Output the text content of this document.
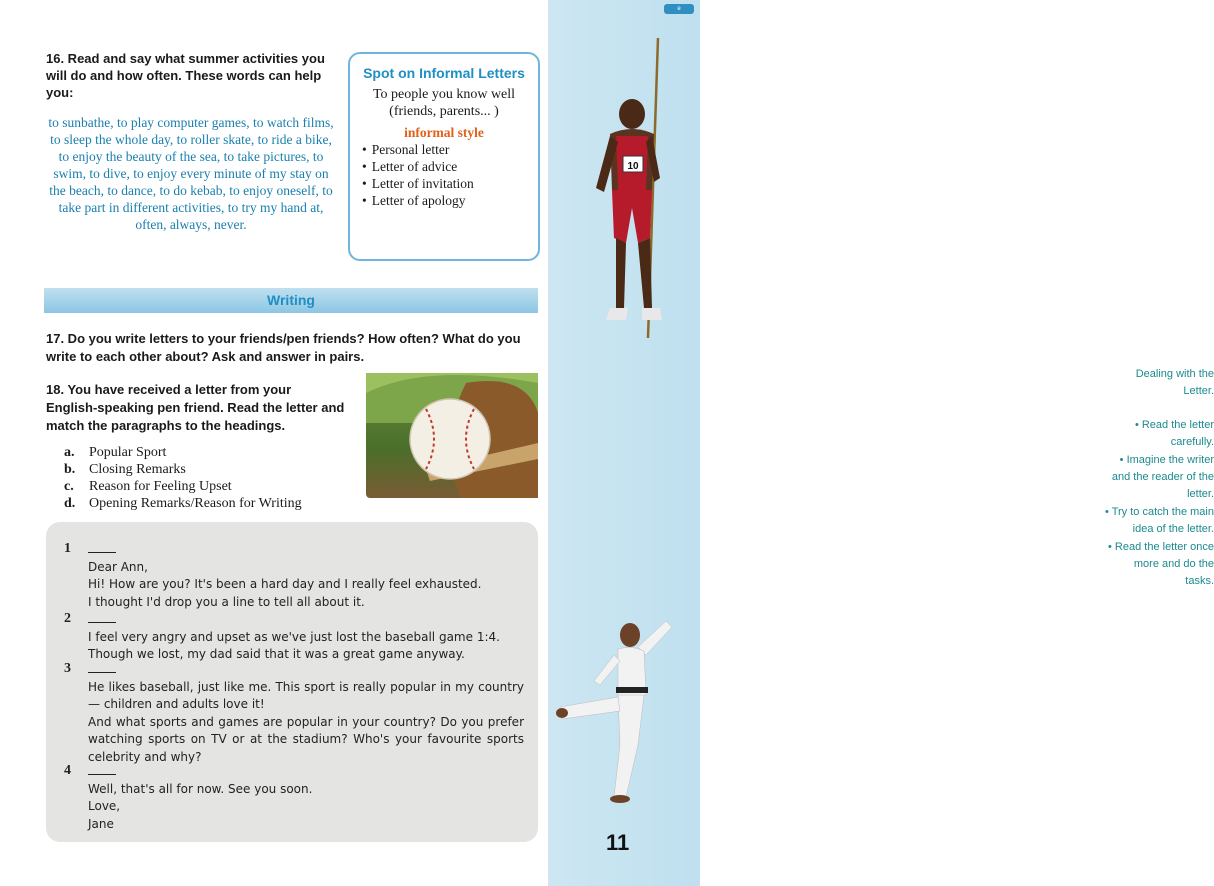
e
10
Dealing with the Letter.
• Read the letter carefully.
• Imagine the writer and the reader of the letter.
• Try to catch the main idea of the letter.
• Read the letter once more and do the tasks.
11
16. Read and say what summer activities you will do and how often. These words can help you:
to sunbathe, to play computer games, to watch films, to sleep the whole day, to roller skate, to ride a bike, to enjoy the beauty of the sea, to take pictures, to swim, to dive, to enjoy every minute of my stay on the beach, to dance, to do kebab, to enjoy oneself, to take part in different activities, to try my hand at, often, always, never.
Spot on Informal Letters
To people you know well (friends, parents... )
informal style
• Personal letter
• Letter of advice
• Letter of invitation
• Letter of apology
Writing
17. Do you write letters to your friends/pen friends? How often? What do you write to each other about? Ask and answer in pairs.
18. You have received a letter from your English-speaking pen friend. Read the letter and match the paragraphs to the headings.
a.	Popular Sport
b. Closing Remarks
c.	Reason for Feeling Upset
d. Opening Remarks/Reason for Writing
1
Dear Ann,
Hi! How are you? It's been a hard day and I really feel exhausted.
I thought I'd drop you a line to tell all about it.
2
I feel very angry and upset as we've just lost the baseball game 1:4.
Though we lost, my dad said that it was a great game anyway.
3
He likes baseball, just like me. This sport is really popular in my country — children and adults love it!
And what sports and games are popular in your country? Do you prefer watching sports on TV or at the stadium? Who's your favourite sports celebrity and why?
4
Well, that's all for now. See you soon.
Love,
Jane
